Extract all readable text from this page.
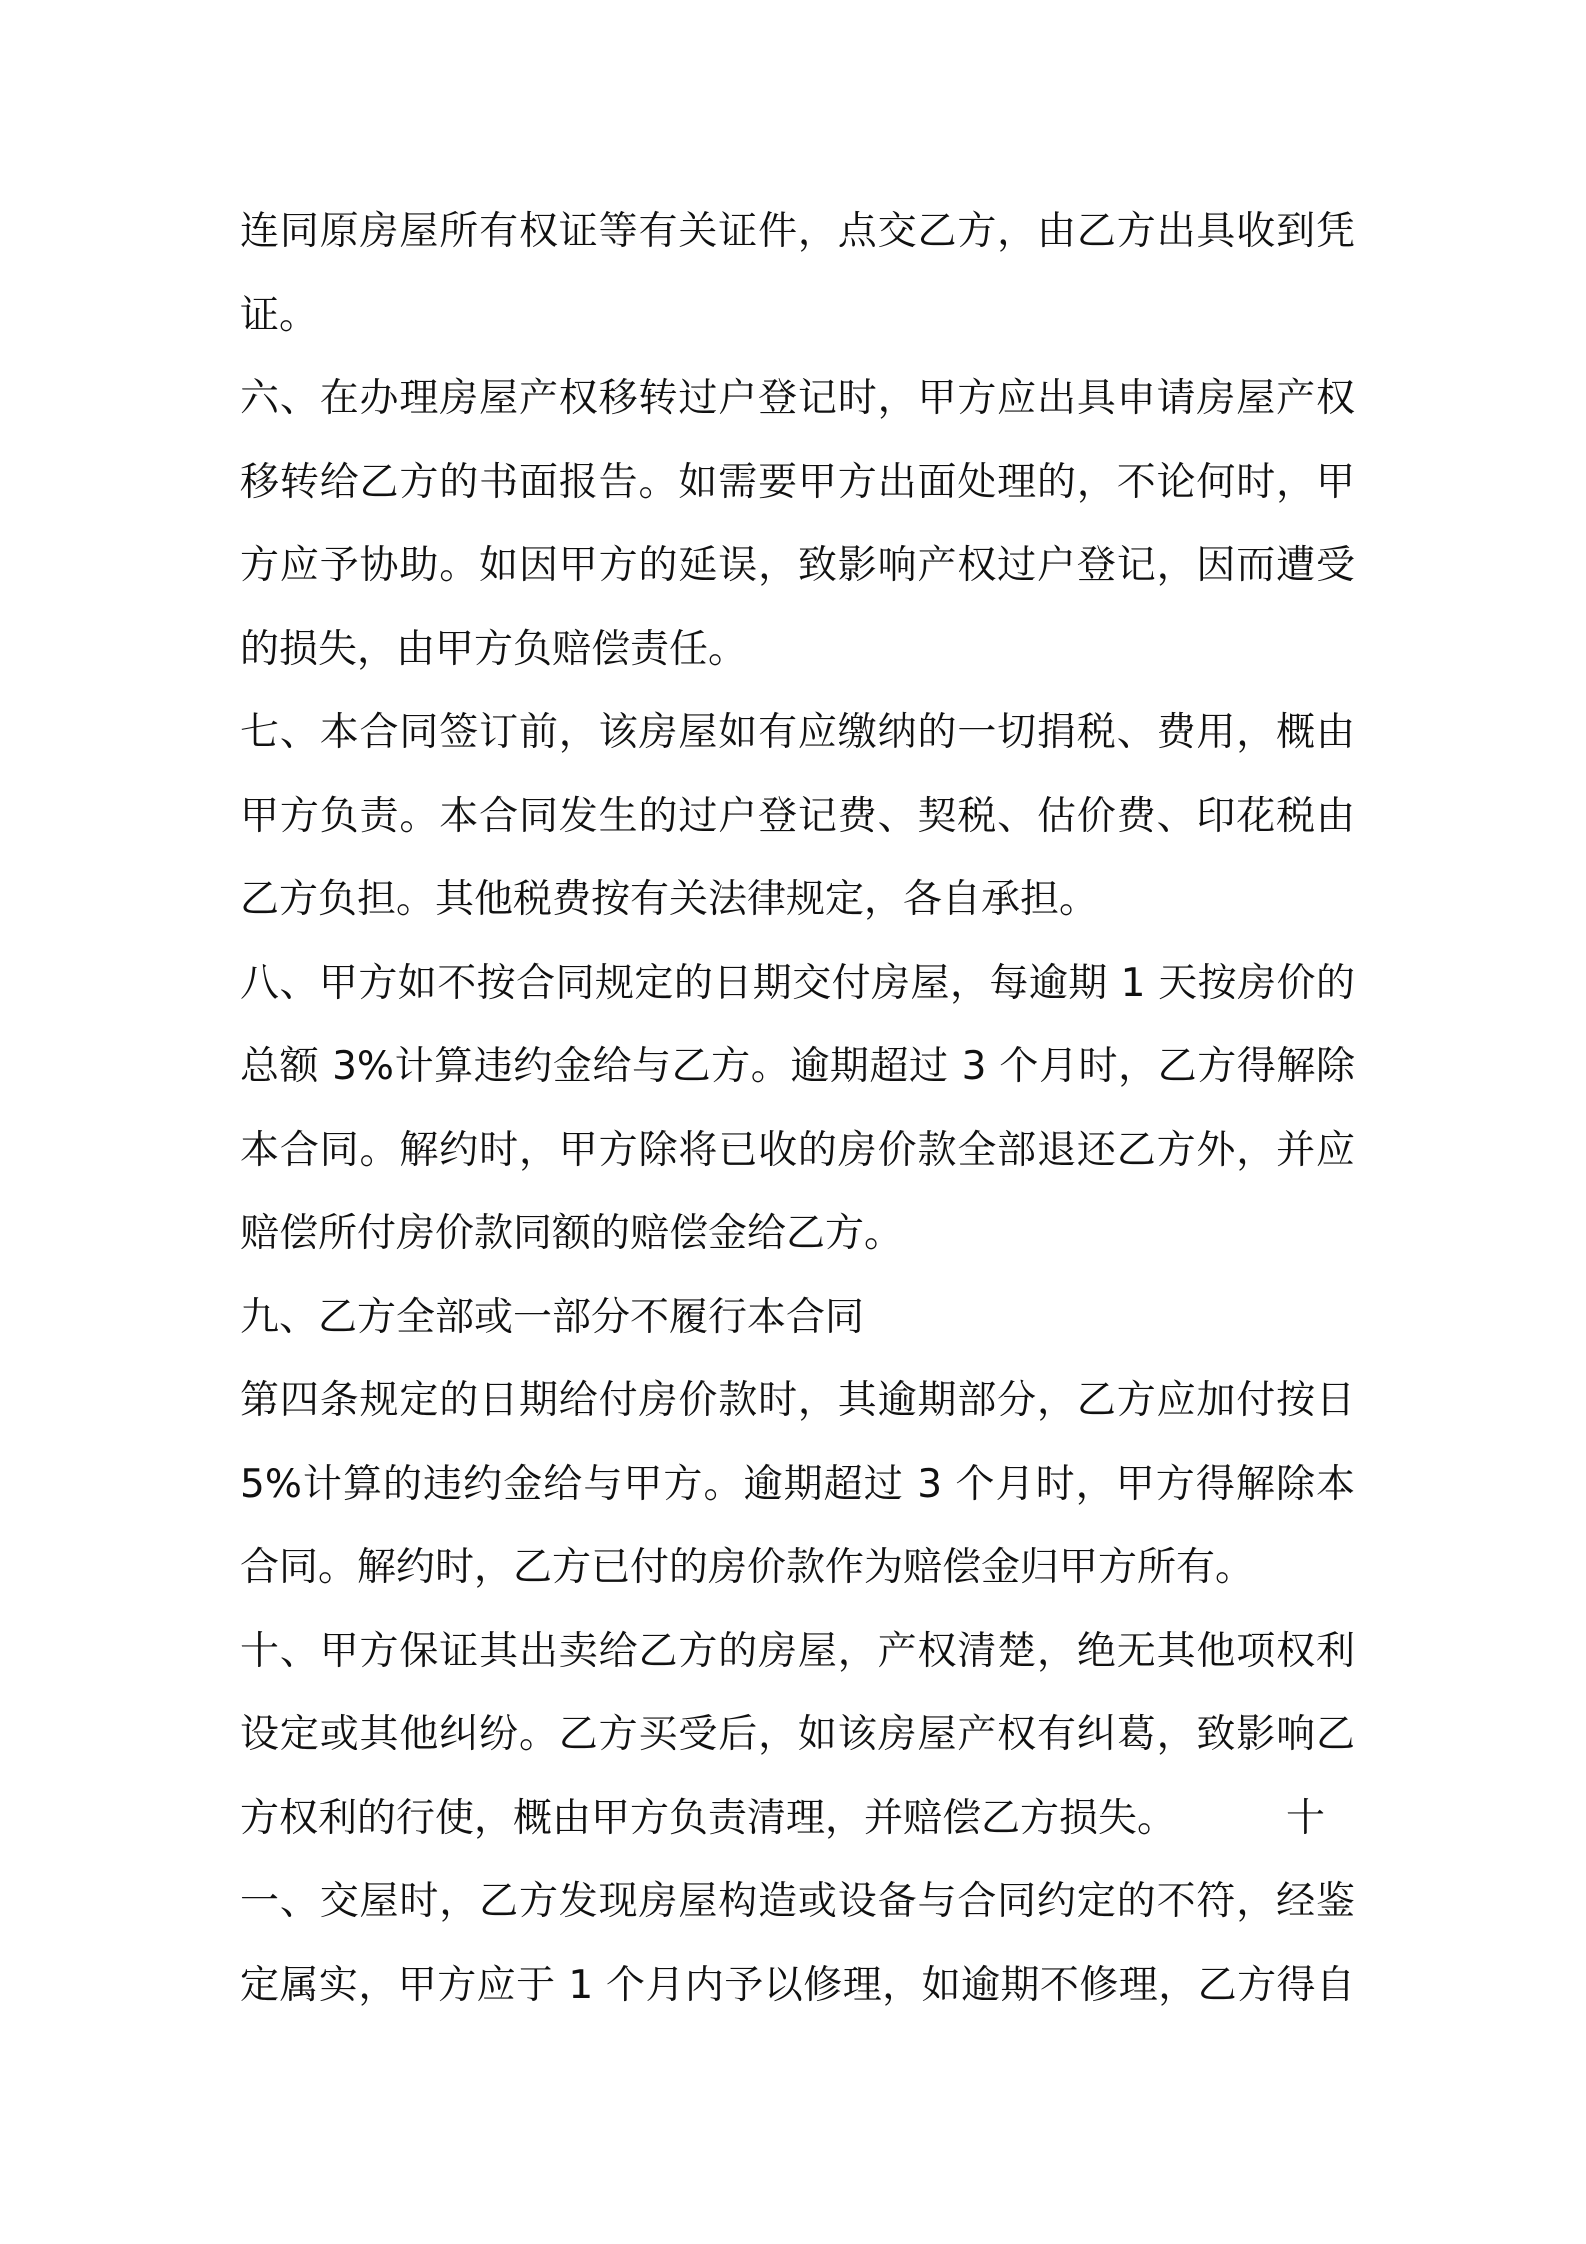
连同原房屋所有权证等有关证件，点交乙方，由乙方出具收到凭
证。
六、在办理房屋产权移转过户登记时，甲方应出具申请房屋产权
移转给乙方的书面报告。如需要甲方出面处理的，不论何时，甲
方应予协助。如因甲方的延误，致影响产权过户登记，因而遭受
的损失，由甲方负赔偿责任。
七、本合同签订前，该房屋如有应缴纳的一切捐税、费用，概由
甲方负责。本合同发生的过户登记费、契税、估价费、印花税由
乙方负担。其他税费按有关法律规定，各自承担。
八、甲方如不按合同规定的日期交付房屋，每逾期 1 天按房价的
总额 3%计算违约金给与乙方。逾期超过 3 个月时，乙方得解除
本合同。解约时，甲方除将已收的房价款全部退还乙方外，并应
赔偿所付房价款同额的赔偿金给乙方。
九、乙方全部或一部分不履行本合同
第四条规定的日期给付房价款时，其逾期部分，乙方应加付按日
5%计算的违约金给与甲方。逾期超过 3 个月时，甲方得解除本
合同。解约时，乙方已付的房价款作为赔偿金归甲方所有。
十、甲方保证其出卖给乙方的房屋，产权清楚，绝无其他项权利
设定或其他纠纷。乙方买受后，如该房屋产权有纠葛，致影响乙
方权利的行使，概由甲方负责清理，并赔偿乙方损失。	十
一、交屋时，乙方发现房屋构造或设备与合同约定的不符，经鉴
定属实，甲方应于 1 个月内予以修理，如逾期不修理，乙方得自
